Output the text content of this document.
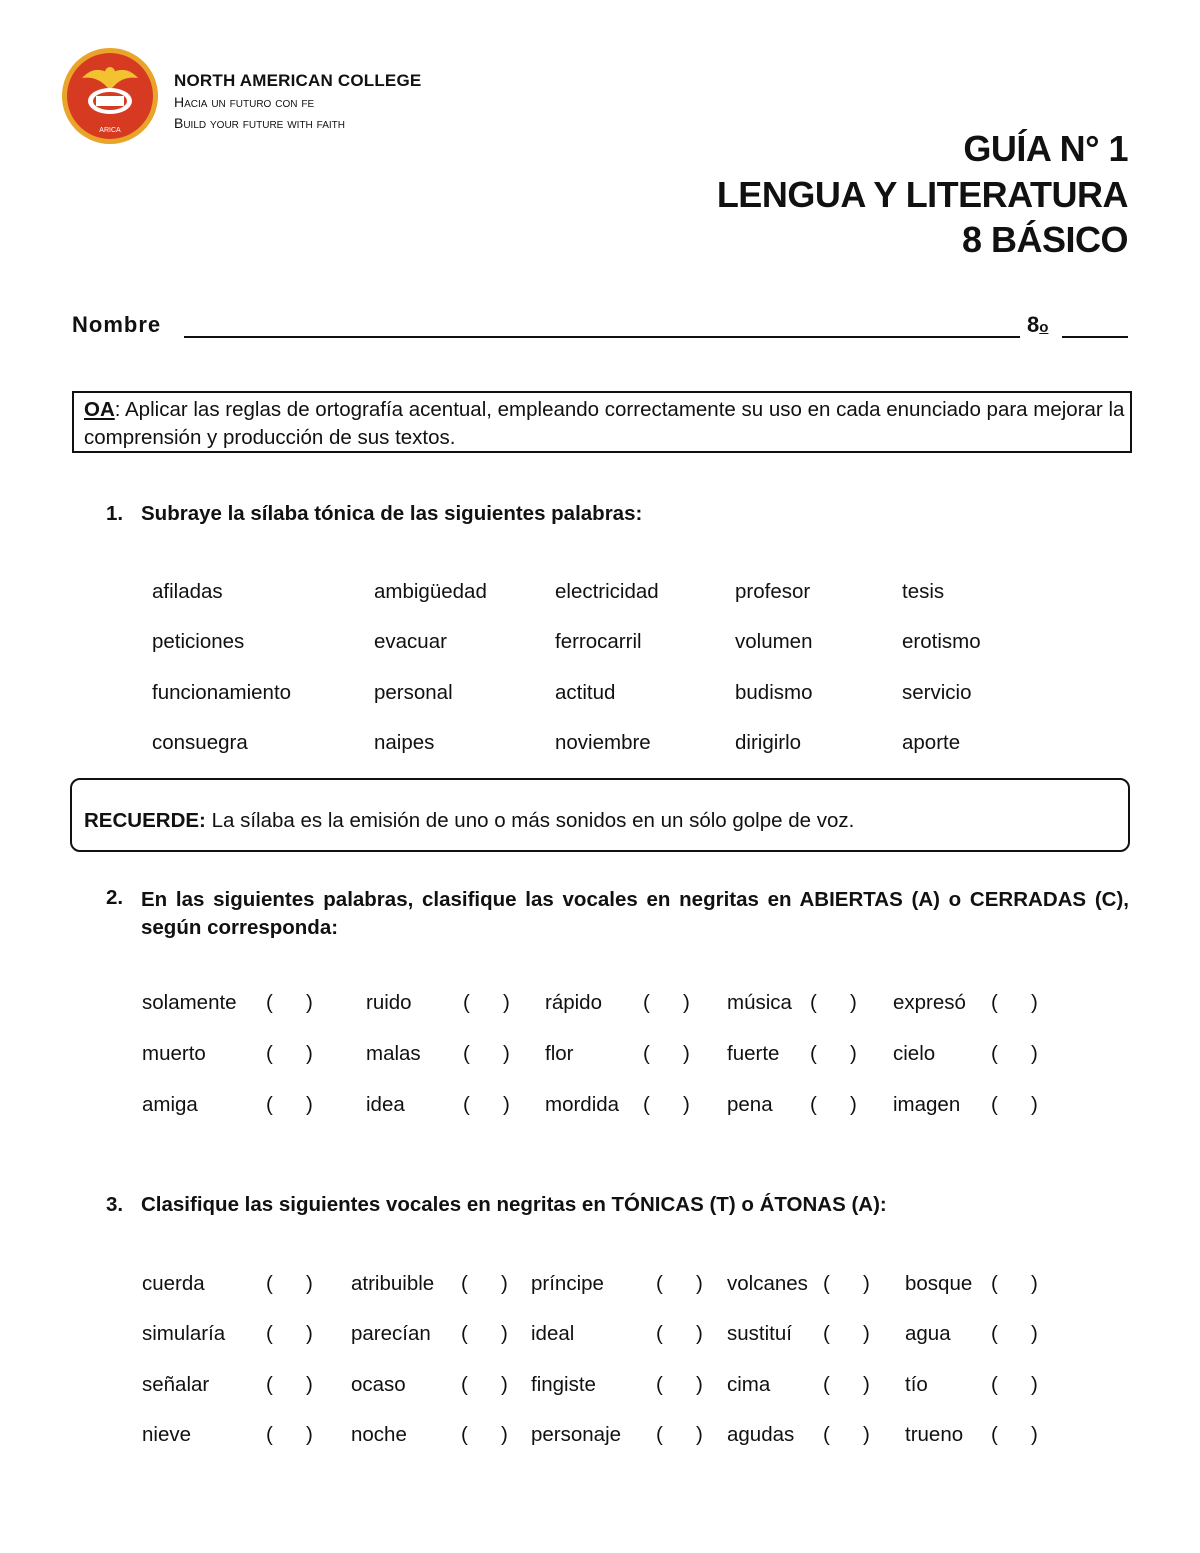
ARICA
NORTH AMERICAN COLLEGE
Hacia un futuro con fe
Build your future with faith
GUÍA N° 1
LENGUA Y LITERATURA
8 BÁSICO
Nombre	8o
OA: Aplicar las reglas de ortografía acentual, empleando correctamente su uso en cada enunciado para mejorar la comprensión y producción de sus textos.
1. Subraye la sílaba tónica de las siguientes palabras:
afiladas	ambigüedad	electricidad	profesor	tesis
peticiones	evacuar	ferrocarril	volumen	erotismo
funcionamiento	personal	actitud	budismo	servicio
consuegra	naipes	noviembre	dirigirlo	aporte
RECUERDE: La sílaba es la emisión de uno o más sonidos en un sólo golpe de voz.
2. En las siguientes palabras, clasifique las vocales en negritas en ABIERTAS (A) o CERRADAS (C), según corresponda:
solamente ( )	ruido	( ) rápido ( ) música ( ) expresó ( )
muerto	( )	malas ( ) flor	( ) fuerte ( ) cielo	( )
amiga	( )	idea	( ) mordida ( ) pena ( ) imagen ( )
3. Clasifique las siguientes vocales en negritas en TÓNICAS (T) o ÁTONAS (A):
cuerda	( ) atribuible ( ) príncipe	( ) volcanes ( ) bosque ( )
simularía ( ) parecían ( ) ideal	( ) sustituí ( ) agua ( )
señalar	( ) ocaso	( ) fingiste	( ) cima	( ) tío	( )
nieve	( ) noche	( ) personaje ( ) agudas ( ) trueno ( )
